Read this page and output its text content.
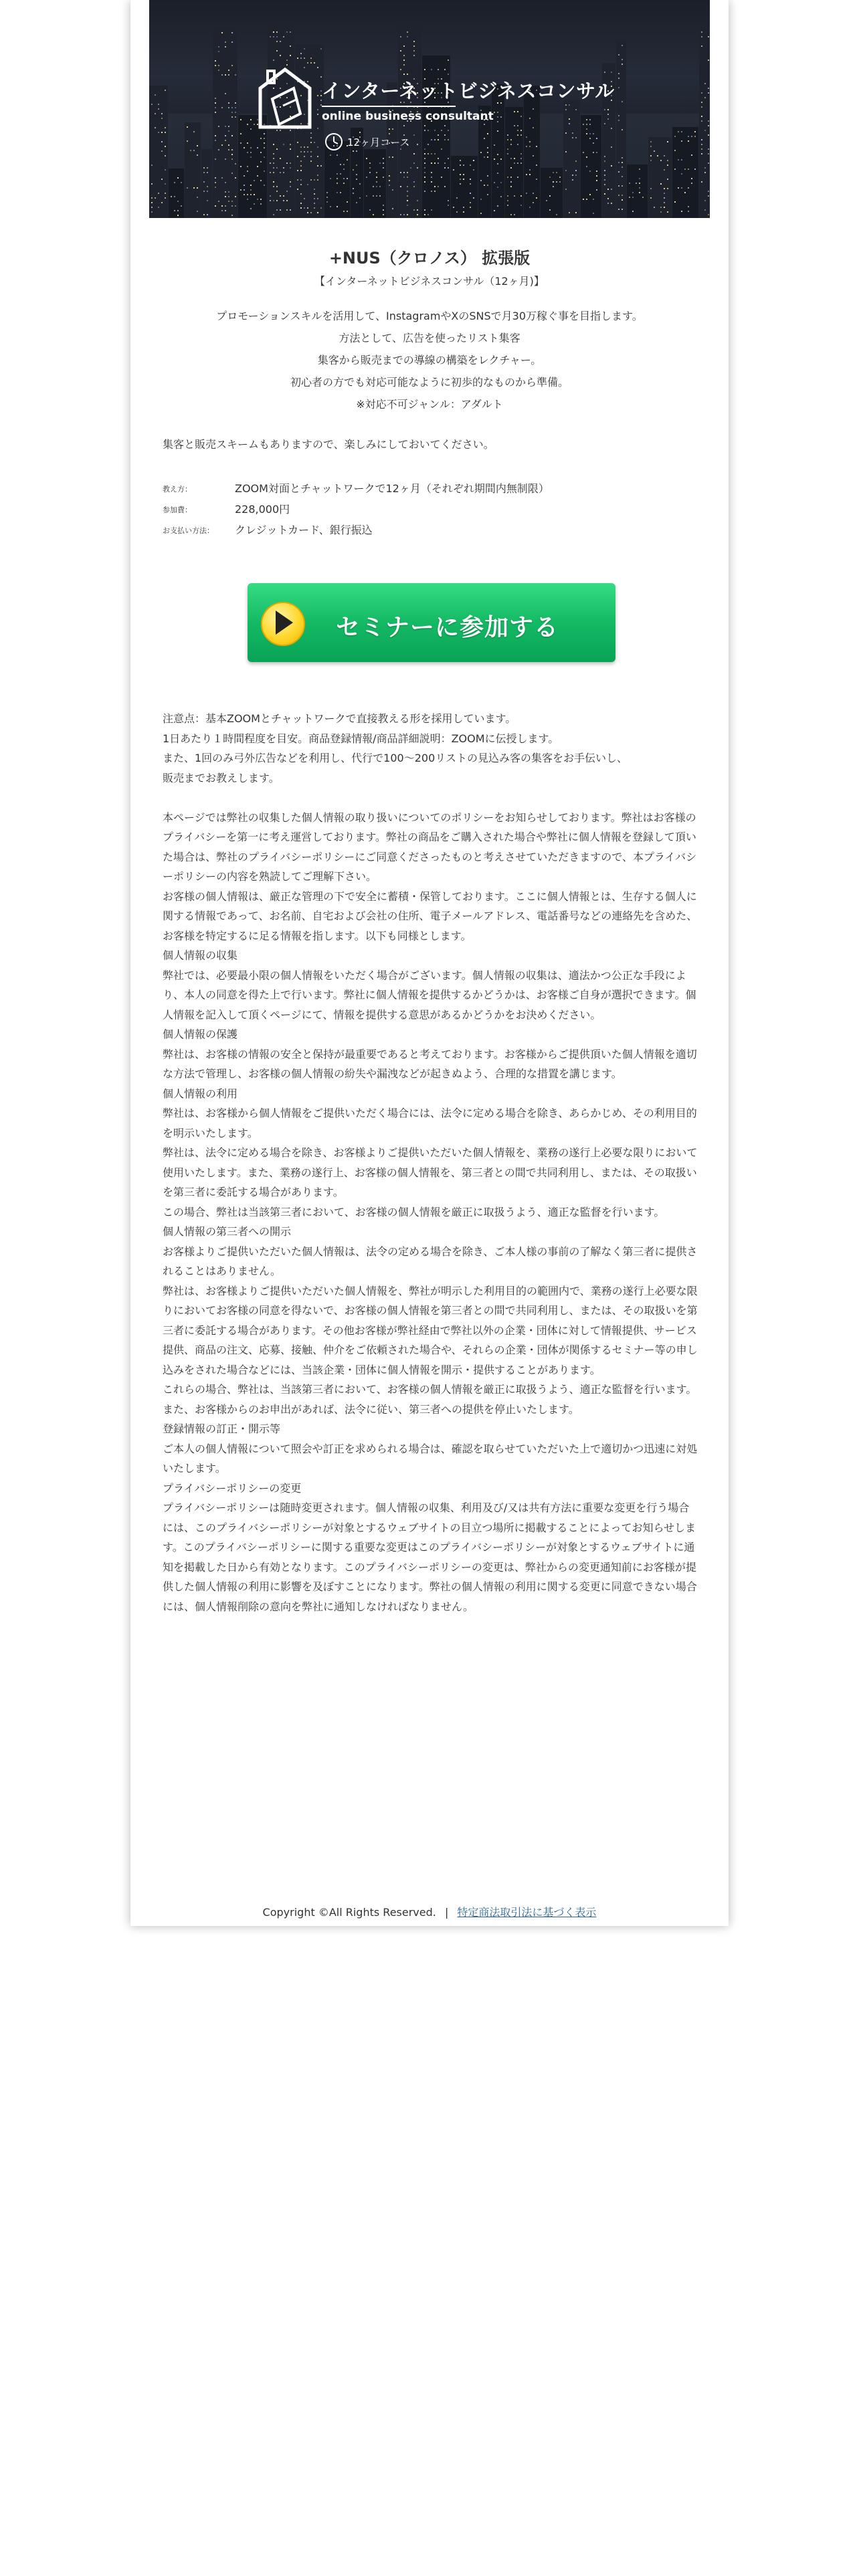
インターネットビジネスコンサル
online business consultant
12ヶ月コース
+NUS（クロノス） 拡張版
【インターネットビジネスコンサル（12ヶ月)】
プロモーションスキルを活用して、InstagramやXのSNSで月30万稼ぐ事を目指します。
方法として、広告を使ったリスト集客
集客から販売までの導線の構築をレクチャー。
初心者の方でも対応可能なように初歩的なものから準備。
※対応不可ジャンル：アダルト
集客と販売スキームもありますので、楽しみにしておいてください。
教え方：	ZOOM対面とチャットワークで12ヶ月（それぞれ期間内無制限）
参加費：	228,000円
お支払い方法： クレジットカード、銀行振込
セミナーに参加する

注意点：基本ZOOMとチャットワークで直接教える形を採用しています。
1日あたり１時間程度を目安。商品登録情報/商品詳細説明：ZOOMに伝授します。
また、1回のみ弓外広告などを利用し、代行で100〜200リストの見込み客の集客をお手伝いし、
販売までお教えします。

本ページでは弊社の収集した個人情報の取り扱いについてのポリシーをお知らせしております。弊社はお客様のプライバシーを第一に考え運営しております。弊社の商品をご購入された場合や弊社に個人情報を登録して頂いた場合は、弊社のプライバシーポリシーにご同意くださったものと考えさせていただきますので、本プライバシーポリシーの内容を熟読してご理解下さい。

お客様の個人情報は、厳正な管理の下で安全に蓄積・保管しております。ここに個人情報とは、生存する個人に関する情報であって、お名前、自宅および会社の住所、電子メールアドレス、電話番号などの連絡先を含めた、お客様を特定するに足る情報を指します。以下も同様とします。

個人情報の収集

弊社では、必要最小限の個人情報をいただく場合がございます。個人情報の収集は、適法かつ公正な手段により、本人の同意を得た上で行います。弊社に個人情報を提供するかどうかは、お客様ご自身が選択できます。個人情報を記入して頂くページにて、情報を提供する意思があるかどうかをお決めください。

個人情報の保護

弊社は、お客様の情報の安全と保持が最重要であると考えております。お客様からご提供頂いた個人情報を適切な方法で管理し、お客様の個人情報の紛失や漏洩などが起きぬよう、合理的な措置を講じます。

個人情報の利用

弊社は、お客様から個人情報をご提供いただく場合には、法令に定める場合を除き、あらかじめ、その利用目的を明示いたします。

弊社は、法令に定める場合を除き、お客様よりご提供いただいた個人情報を、業務の遂行上必要な限りにおいて使用いたします。また、業務の遂行上、お客様の個人情報を、第三者との間で共同利用し、または、その取扱いを第三者に委託する場合があります。

この場合、弊社は当該第三者において、お客様の個人情報を厳正に取扱うよう、適正な監督を行います。

個人情報の第三者への開示

お客様よりご提供いただいた個人情報は、法令の定める場合を除き、ご本人様の事前の了解なく第三者に提供されることはありません。

弊社は、お客様よりご提供いただいた個人情報を、弊社が明示した利用目的の範囲内で、業務の遂行上必要な限りにおいてお客様の同意を得ないで、お客様の個人情報を第三者との間で共同利用し、または、その取扱いを第三者に委託する場合があります。その他お客様が弊社経由で弊社以外の企業・団体に対して情報提供、サービス提供、商品の注文、応募、接触、仲介をご依頼された場合や、それらの企業・団体が関係するセミナー等の申し込みをされた場合などには、当該企業・団体に個人情報を開示・提供することがあります。

これらの場合、弊社は、当該第三者において、お客様の個人情報を厳正に取扱うよう、適正な監督を行います。また、お客様からのお申出があれば、法令に従い、第三者への提供を停止いたします。

登録情報の訂正・開示等

ご本人の個人情報について照会や訂正を求められる場合は、確認を取らせていただいた上で適切かつ迅速に対処いたします。

プライバシーポリシーの変更

プライバシーポリシーは随時変更されます。個人情報の収集、利用及び/又は共有方法に重要な変更を行う場合には、このプライバシーポリシーが対象とするウェブサイトの目立つ場所に掲載することによってお知らせします。このプライバシーポリシーに関する重要な変更はこのプライバシーポリシーが対象とするウェブサイトに通知を掲載した日から有効となります。このプライバシーポリシーの変更は、弊社からの変更通知前にお客様が提供した個人情報の利用に影響を及ぼすことになります。弊社の個人情報の利用に関する変更に同意できない場合には、個人情報削除の意向を弊社に通知しなければなりません。

Copyright ©All Rights Reserved. | 特定商法取引法に基づく表示
